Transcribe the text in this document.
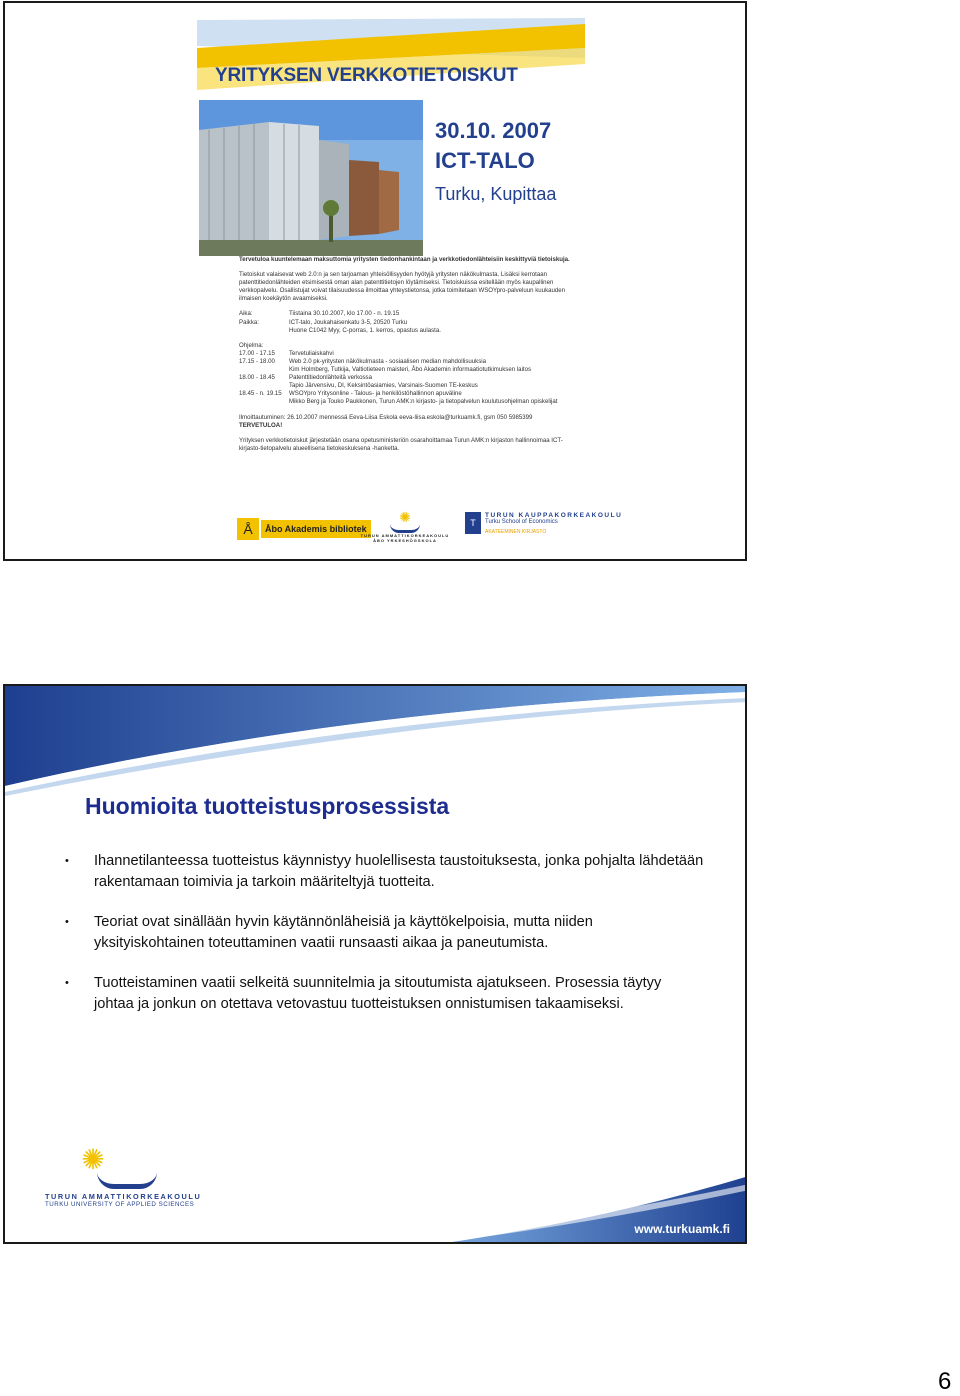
YRITYKSEN VERKKOTIETOISKUT
30.10. 2007
ICT-TALO
Turku, Kupittaa

Tervetuloa kuuntelemaan maksuttomia yritysten tiedonhankintaan ja verkkotiedonlähteisiin keskittyviä tietoiskuja.

Tietoiskut valaisevat web 2.0:n ja sen tarjoaman yhteisöllisyyden hyötyjä yritysten näkökulmasta. Lisäksi kerrotaan patenttitiedonlähteiden etsimisestä oman alan patenttitietojen löytämiseksi. Tietoiskuissa esitellään myös kaupallinen verkkopalvelu. Osallistujat voivat tilaisuudessa ilmoittaa yhteystietonsa, jotka toimitetaan WSOYpro-palveluun kuukauden ilmaisen koekäytön avaamiseksi.

Aika:	Tiistaina 30.10.2007, klo 17.00 - n. 19.15
Paikka:	ICT-talo, Joukahaisenkatu 3-5, 20520 Turku
Huone C1042 Myy, C-porras, 1. kerros, opastus aulasta.
Ohjelma:
17.00 - 17.15	Tervetuliaiskahvi
17.15 - 18.00	Web 2.0 pk-yritysten näkökulmasta - sosiaalisen median mahdollisuuksia
Kim Holmberg, Tutkija, Valtiotieteen maisteri, Åbo Akademin informaatiotutkimuksen laitos
18.00 - 18.45	Patenttitiedonlähteitä verkossa
Tapio Järvensivu, DI, Keksintöasiamies, Varsinais-Suomen TE-keskus
18.45 - n. 19.15	WSOYpro Yritysonline - Talous- ja henkilöstöhallinnon apuväline
Mikko Berg ja Touko Paukkonen, Turun AMK:n kirjasto- ja tietopalvelun koulutusohjelman opiskelijat

Ilmoittautuminen: 26.10.2007 mennessä Eeva-Liisa Eskola eeva-liisa.eskola@turkuamk.fi, gsm 050 5985399

TERVETULOA!

Yrityksen verkkotietoiskut järjestetään osana opetusministeriön osarahoittamaa Turun AMK:n kirjaston hallinnoimaa ICT-kirjasto-tietopalvelu alueellisena tietokeskuksena -hanketta.

Å	Åbo Akademis bibliotek
✺
TURUN AMMATTIKORKEAKOULU
ÅBO YRKESHÖGSKOLA
T
TURUN KAUPPAKORKEAKOULU
Turku School of Economics
AKATEEMINEN KIRJASTO
Huomioita tuotteistusprosessista
• Ihannetilanteessa tuotteistus käynnistyy huolellisesta taustoituksesta, jonka pohjalta lähdetään rakentamaan toimivia ja tarkoin määriteltyjä tuotteita.
• Teoriat ovat sinällään hyvin käytännönläheisiä ja käyttökelpoisia, mutta niiden yksityiskohtainen toteuttaminen vaatii runsaasti aikaa ja paneutumista.
• Tuotteistaminen vaatii selkeitä suunnitelmia ja sitoutumista ajatukseen. Prosessia täytyy johtaa ja jonkun on otettava vetovastuu tuotteistuksen onnistumisen takaamiseksi.
✺
TURUN AMMATTIKORKEAKOULU
TURKU UNIVERSITY OF APPLIED SCIENCES
www.turkuamk.fi
6
